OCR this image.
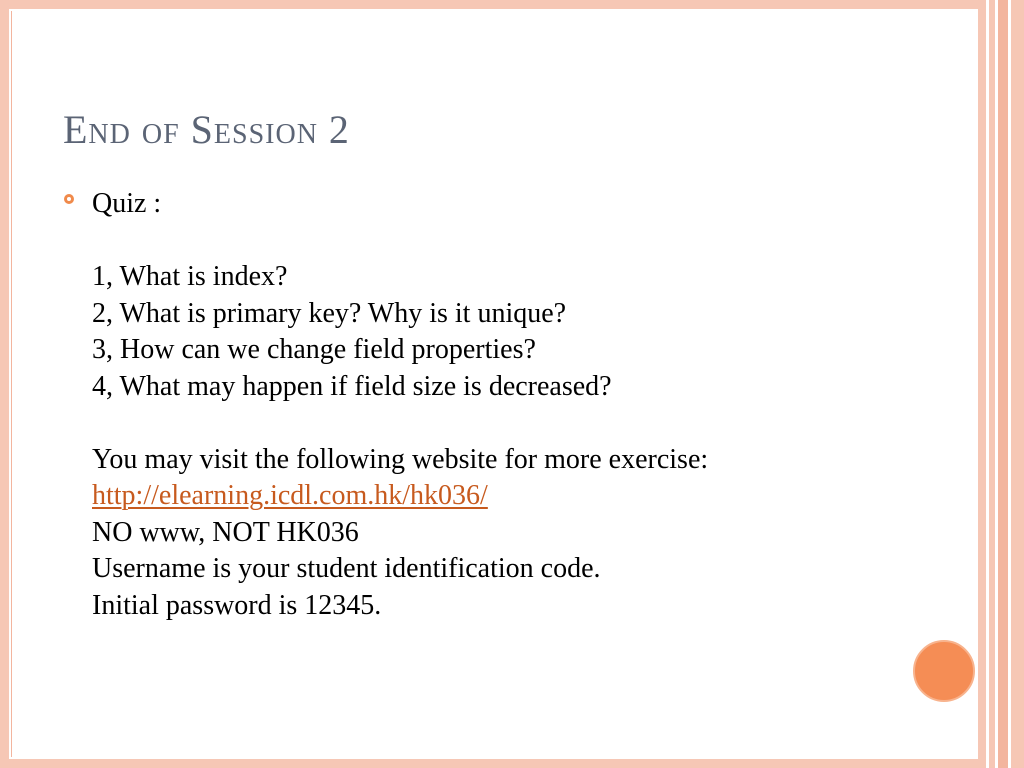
End of Session 2
Quiz :
1, What is index?
2, What is primary key? Why is it unique?
3, How can we change field properties?
4, What may happen if field size is decreased?
You may visit the following website for more exercise:
http://elearning.icdl.com.hk/hk036/
NO www, NOT HK036
Username is your student identification code.
Initial password is 12345.
